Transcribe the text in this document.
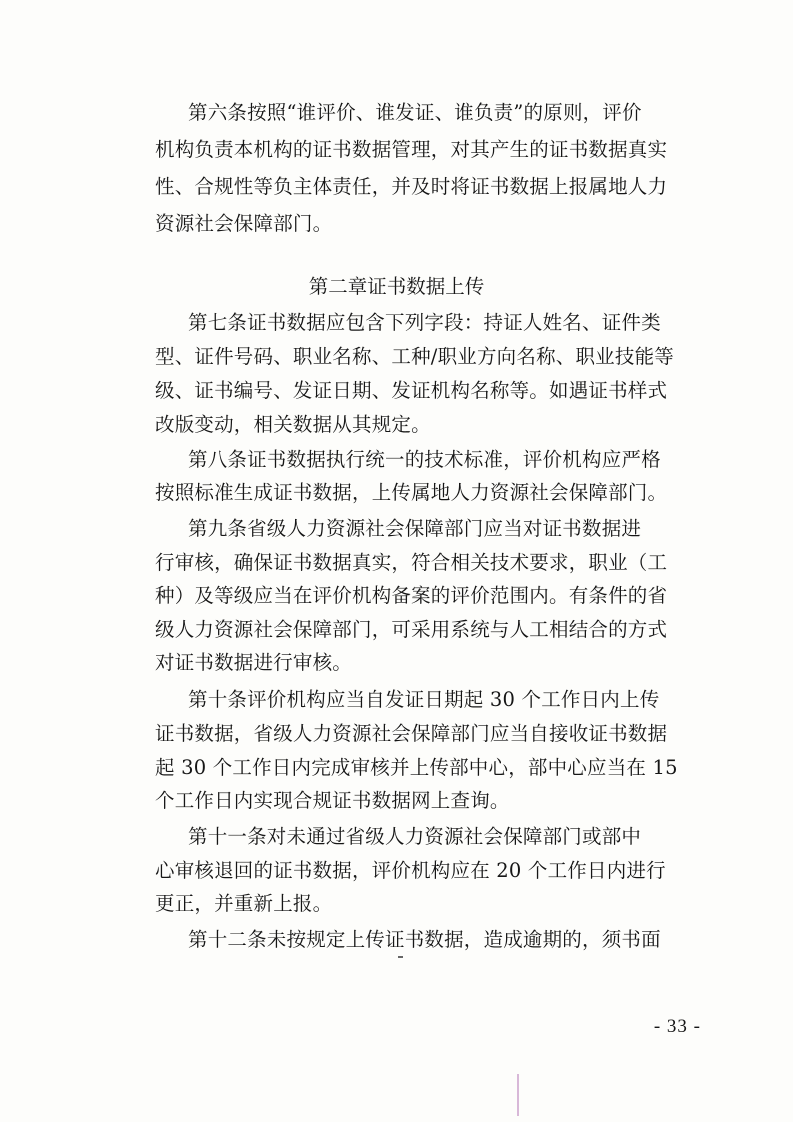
第六条按照“谁评价、谁发证、谁负责”的原则，评价
机构负责本机构的证书数据管理，对其产生的证书数据真实
性、合规性等负主体责任，并及时将证书数据上报属地人力
资源社会保障部门。
第二章证书数据上传
第七条证书数据应包含下列字段：持证人姓名、证件类
型、证件号码、职业名称、工种/职业方向名称、职业技能等
级、证书编号、发证日期、发证机构名称等。如遇证书样式
改版变动，相关数据从其规定。
第八条证书数据执行统一的技术标准，评价机构应严格
按照标准生成证书数据，上传属地人力资源社会保障部门。
第九条省级人力资源社会保障部门应当对证书数据进
行审核，确保证书数据真实，符合相关技术要求，职业（工
种）及等级应当在评价机构备案的评价范围内。有条件的省
级人力资源社会保障部门，可采用系统与人工相结合的方式
对证书数据进行审核。
第十条评价机构应当自发证日期起 30 个工作日内上传
证书数据，省级人力资源社会保障部门应当自接收证书数据
起 30 个工作日内完成审核并上传部中心，部中心应当在 15
个工作日内实现合规证书数据网上查询。
第十一条对未通过省级人力资源社会保障部门或部中
心审核退回的证书数据，评价机构应在 20 个工作日内进行
更正，并重新上报。
第十二条未按规定上传证书数据，造成逾期的，须书面
- 33 -
